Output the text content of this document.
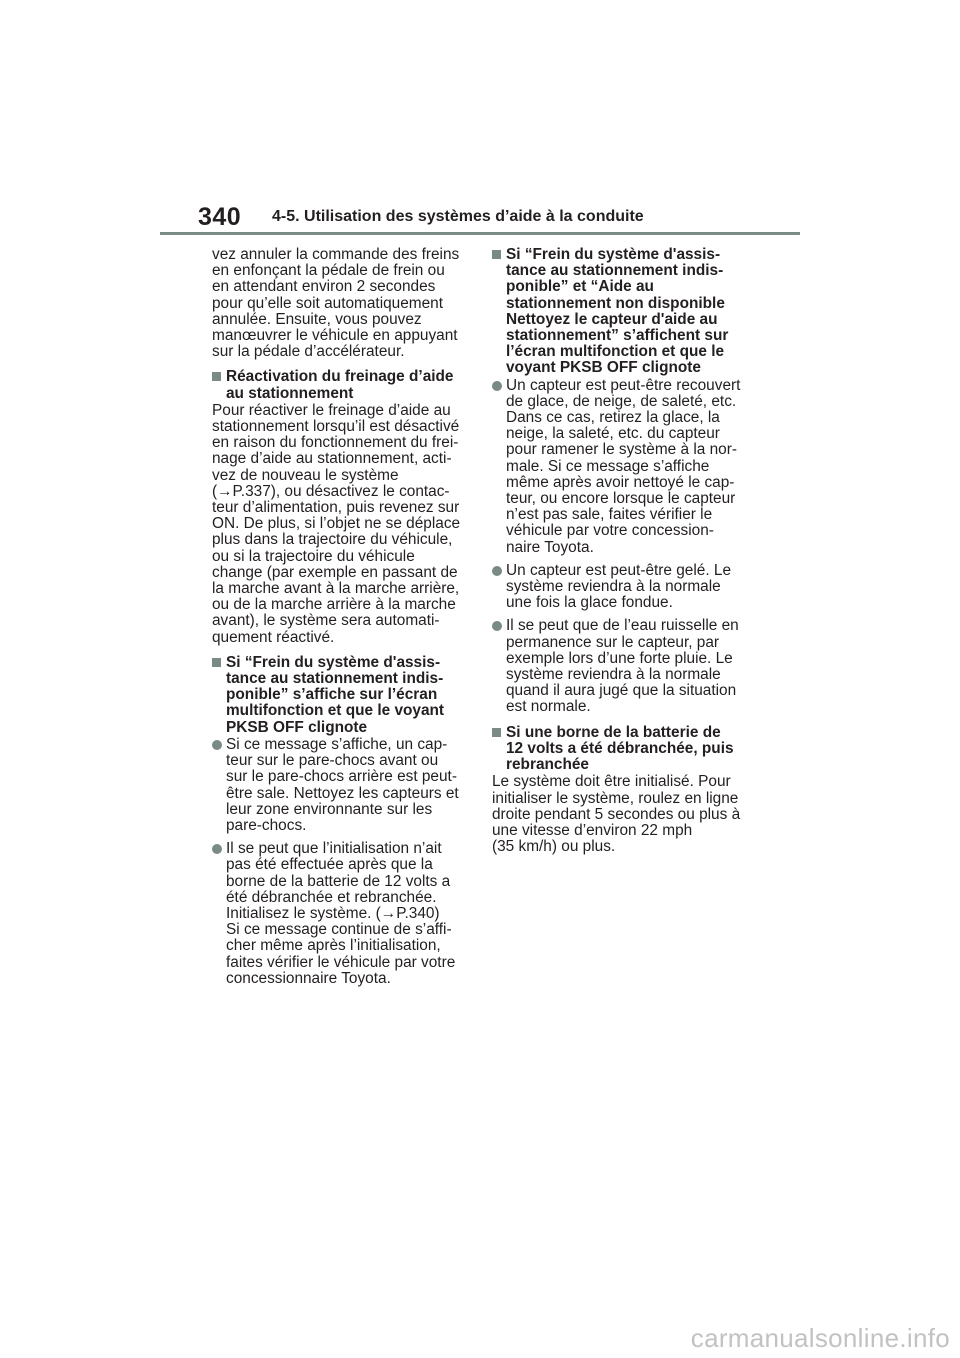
340 4-5. Utilisation des systèmes d’aide à la conduite
vez annuler la commande des freins
en enfonçant la pédale de frein ou
en attendant environ 2 secondes
pour qu’elle soit automatiquement
annulée. Ensuite, vous pouvez
manœuvrer le véhicule en appuyant
sur la pédale d’accélérateur.
Réactivation du freinage d’aide
au stationnement
Pour réactiver le freinage d’aide au
stationnement lorsqu’il est désactivé
en raison du fonctionnement du frei-
nage d’aide au stationnement, acti-
vez de nouveau le système
(→P.337), ou désactivez le contac-
teur d’alimentation, puis revenez sur
ON. De plus, si l’objet ne se déplace
plus dans la trajectoire du véhicule,
ou si la trajectoire du véhicule
change (par exemple en passant de
la marche avant à la marche arrière,
ou de la marche arrière à la marche
avant), le système sera automati-
quement réactivé.
Si “Frein du système d'assis-
tance au stationnement indis-
ponible” s’affiche sur l’écran
multifonction et que le voyant
PKSB OFF clignote
Si ce message s’affiche, un cap-
teur sur le pare-chocs avant ou
sur le pare-chocs arrière est peut-
être sale. Nettoyez les capteurs et
leur zone environnante sur les
pare-chocs.
Il se peut que l’initialisation n’ait
pas été effectuée après que la
borne de la batterie de 12 volts a
été débranchée et rebranchée.
Initialisez le système. (→P.340)
Si ce message continue de s’affi-
cher même après l’initialisation,
faites vérifier le véhicule par votre
concessionnaire Toyota.
Si “Frein du système d'assis-
tance au stationnement indis-
ponible” et “Aide au
stationnement non disponible
Nettoyez le capteur d'aide au
stationnement” s’affichent sur
l’écran multifonction et que le
voyant PKSB OFF clignote
Un capteur est peut-être recouvert
de glace, de neige, de saleté, etc.
Dans ce cas, retirez la glace, la
neige, la saleté, etc. du capteur
pour ramener le système à la nor-
male. Si ce message s’affiche
même après avoir nettoyé le cap-
teur, ou encore lorsque le capteur
n’est pas sale, faites vérifier le
véhicule par votre concession-
naire Toyota.
Un capteur est peut-être gelé. Le
système reviendra à la normale
une fois la glace fondue.
Il se peut que de l’eau ruisselle en
permanence sur le capteur, par
exemple lors d’une forte pluie. Le
système reviendra à la normale
quand il aura jugé que la situation
est normale.
Si une borne de la batterie de
12 volts a été débranchée, puis
rebranchée
Le système doit être initialisé. Pour
initialiser le système, roulez en ligne
droite pendant 5 secondes ou plus à
une vitesse d’environ 22 mph
(35 km/h) ou plus.
carmanualsonline.info
